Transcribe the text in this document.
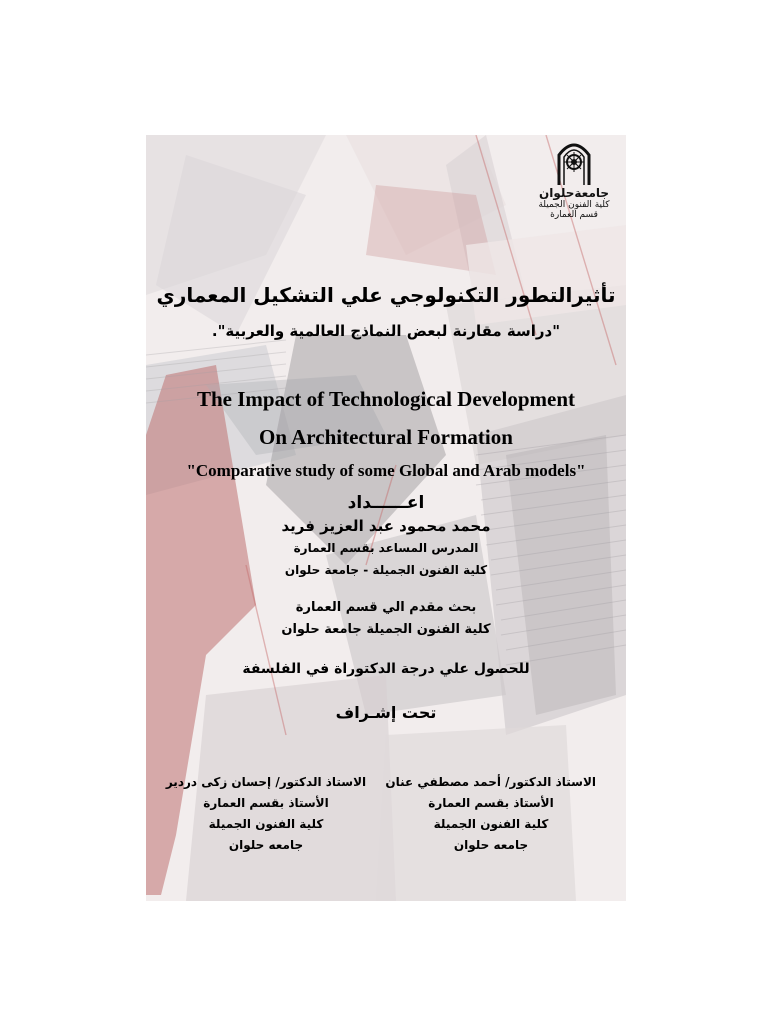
جامعةحلوان
كلية الفنون الجميلة
قسم العمارة
تأثيرالتطور التكنولوجي علي التشكيل المعماري
"دراسة مقارنة لبعض النماذج العالمية والعربية".
The Impact of Technological Development
On Architectural Formation
"Comparative study of some Global and Arab models"
اعــــــداد
محمد محمود عبد العزيز فريد
المدرس المساعد بقسم العمارة
كلية الفنون الجميلة - جامعة حلوان
بحث مقدم الي قسم العمارة
كلية الفنون الجميلة جامعة حلوان
للحصول علي درجة الدكتوراة في الفلسفة
تحت إشـراف
الاستاذ الدكتور/ أحمد مصطفي عنان
الأستاذ بقسم العمارة
كلية الفنون الجميلة
جامعه حلوان
الاستاذ الدكتور/ إحسان زكى دردير
الأستاذ بقسم العمارة
كلية الفنون الجميلة
جامعه حلوان
